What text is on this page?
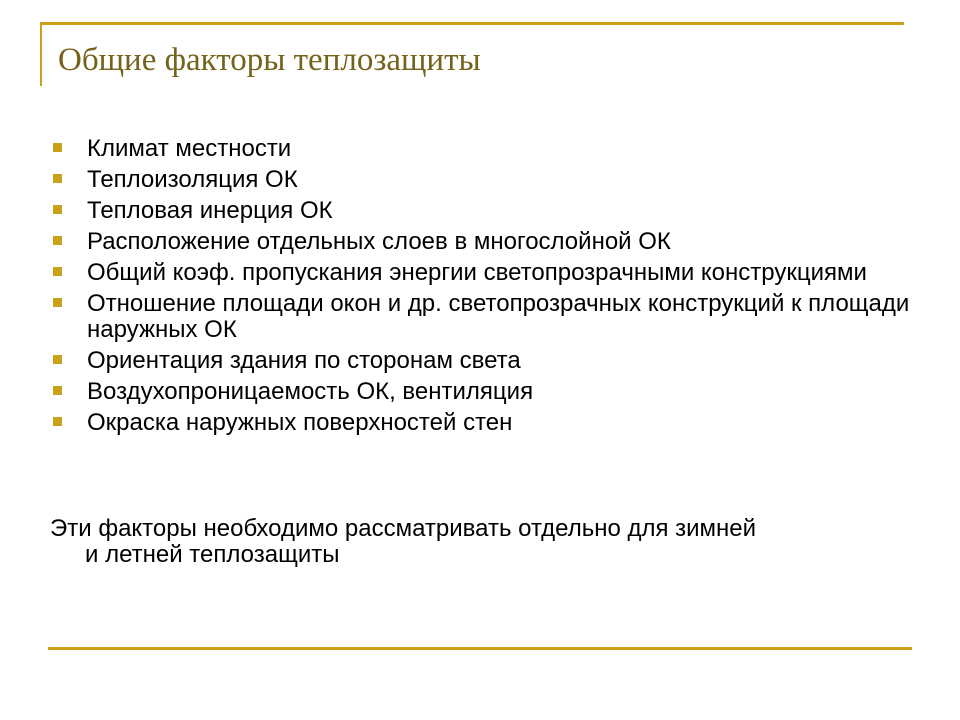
Общие факторы теплозащиты
Климат местности
Теплоизоляция ОК
Тепловая инерция ОК
Расположение отдельных слоев в многослойной ОК
Общий коэф. пропускания энергии светопрозрачными конструкциями
Отношение площади окон и др. светопрозрачных конструкций к площади наружных ОК
Ориентация здания по сторонам света
Воздухопроницаемость ОК, вентиляция
Окраска наружных поверхностей стен

Эти факторы необходимо рассматривать отдельно для зимней
и летней теплозащиты
